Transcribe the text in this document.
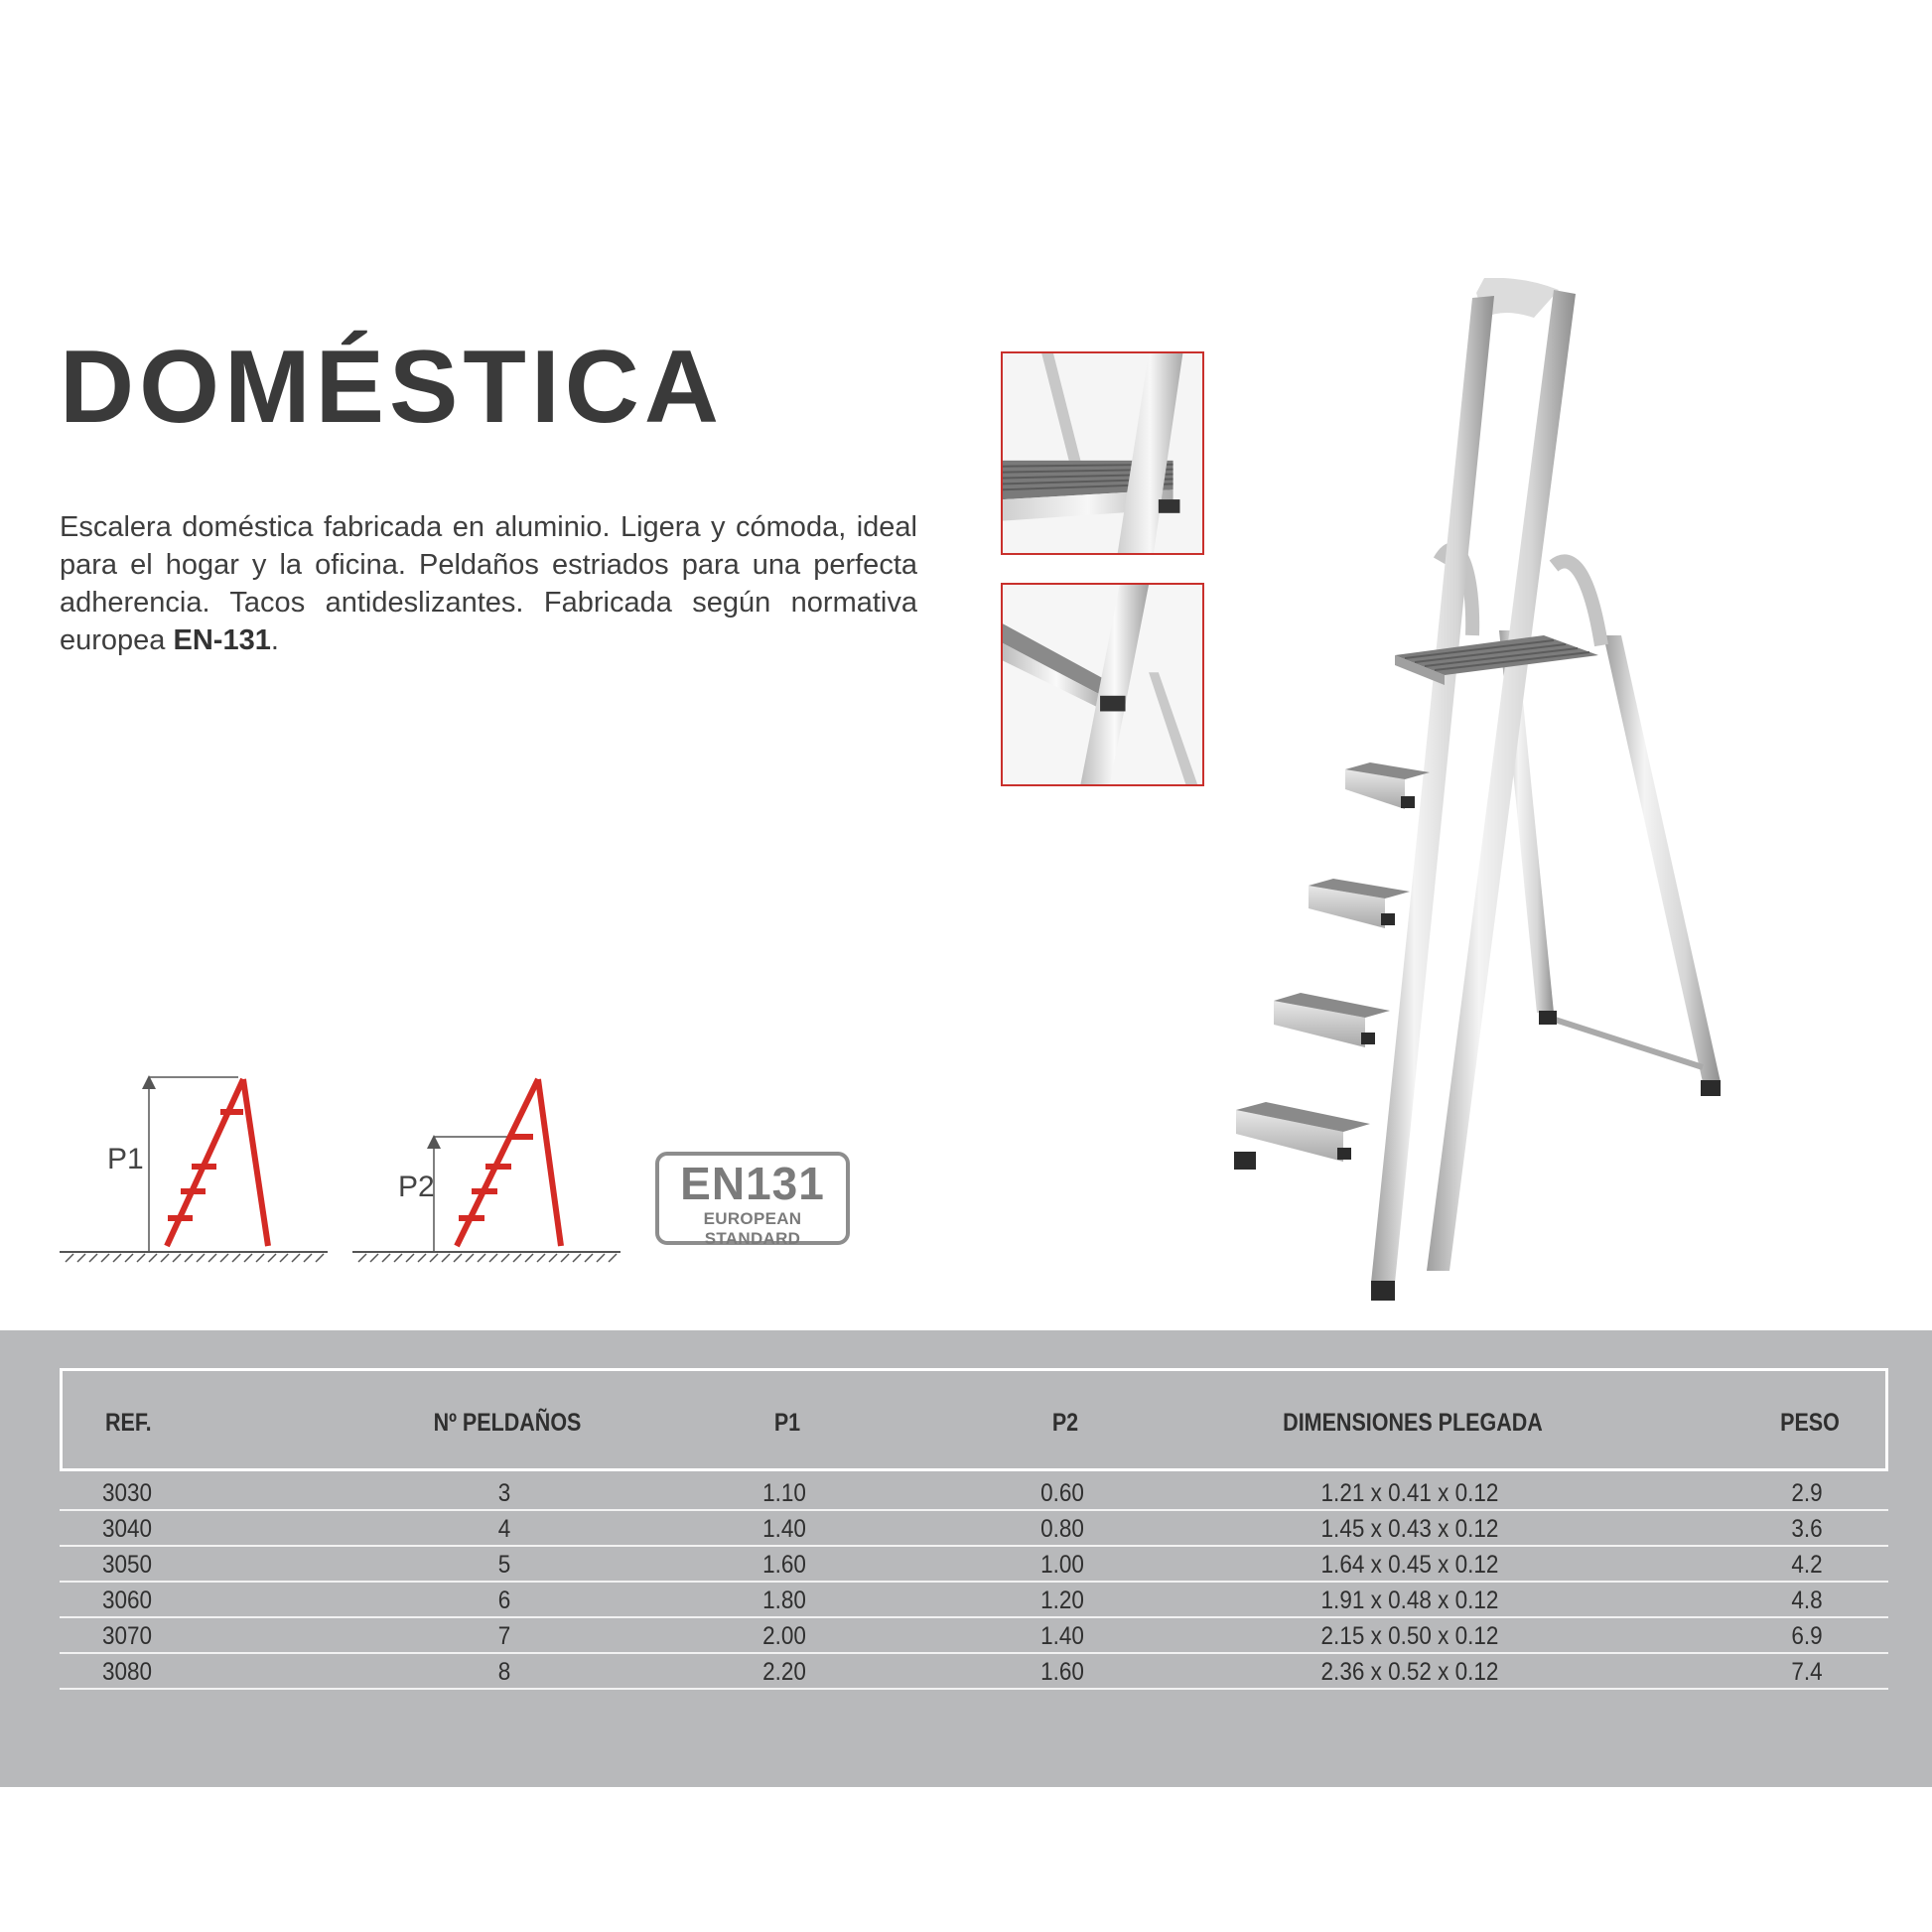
DOMÉSTICA

Escalera doméstica fabricada en aluminio. Ligera y cómoda, ideal para el hogar y la oficina. Peldaños estriados para una perfecta adherencia. Tacos antideslizantes. Fabricada según normativa europea EN-131.

P1
P2	EN131
EUROPEAN STANDARD
REF.	Nº PELDAÑOS	P1	P2	DIMENSIONES PLEGADA	PESO
3030	3	1.10	0.60	1.21 x 0.41 x 0.12	2.9
3040	4	1.40	0.80	1.45 x 0.43 x 0.12	3.6
3050	5	1.60	1.00	1.64 x 0.45 x 0.12	4.2
3060	6	1.80	1.20	1.91 x 0.48 x 0.12	4.8
3070	7	2.00	1.40	2.15 x 0.50 x 0.12	6.9
3080	8	2.20	1.60	2.36 x 0.52 x 0.12	7.4
